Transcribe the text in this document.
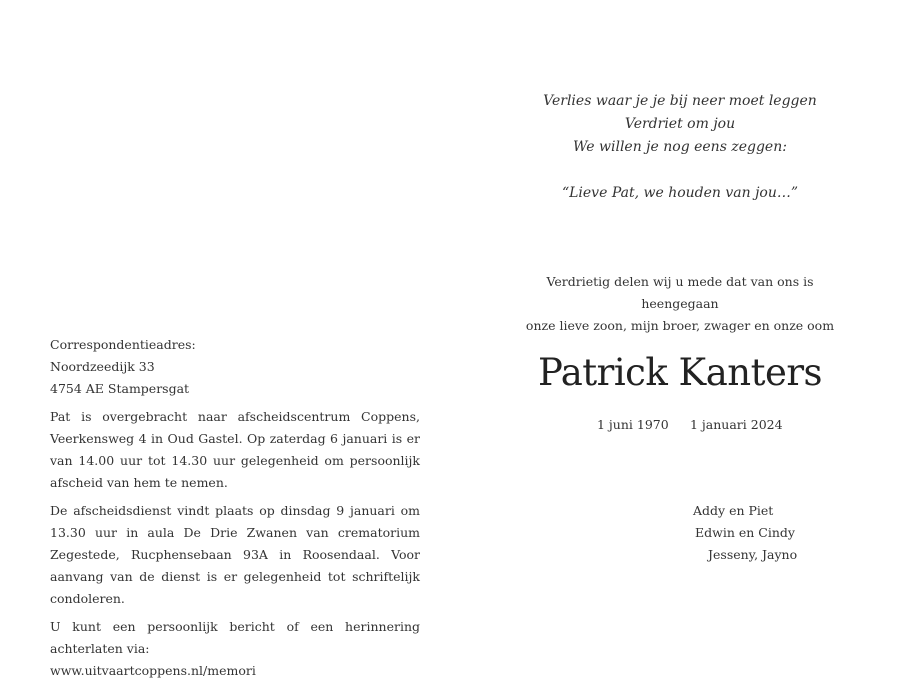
Verlies waar je je bij neer moet leggen
Verdriet om jou
We willen je nog eens zeggen:
“Lieve Pat, we houden van jou…”
Verdrietig delen wij u mede dat van ons is heengegaan
onze lieve zoon, mijn broer, zwager en onze oom
Patrick Kanters
1 juni 1970 1 januari 2024
Addy en Piet
Edwin en Cindy
Jesseny, Jayno
Correspondentieadres:
Noordzeedijk 33
4754 AE Stampersgat

Pat is overgebracht naar afscheidscentrum Coppens, Veerkensweg 4 in Oud Gastel. Op zaterdag 6 januari is er van 14.00 uur tot 14.30 uur gelegenheid om persoonlijk afscheid van hem te nemen.

De afscheidsdienst vindt plaats op dinsdag 9 januari om 13.30 uur in aula De Drie Zwanen van crematorium Zegestede, Rucphensebaan 93A in Roosendaal. Voor aanvang van de dienst is er gelegenheid tot schriftelijk condoleren.

U kunt een persoonlijk bericht of een herinnering achterlaten via:

www.uitvaartcoppens.nl/memori
